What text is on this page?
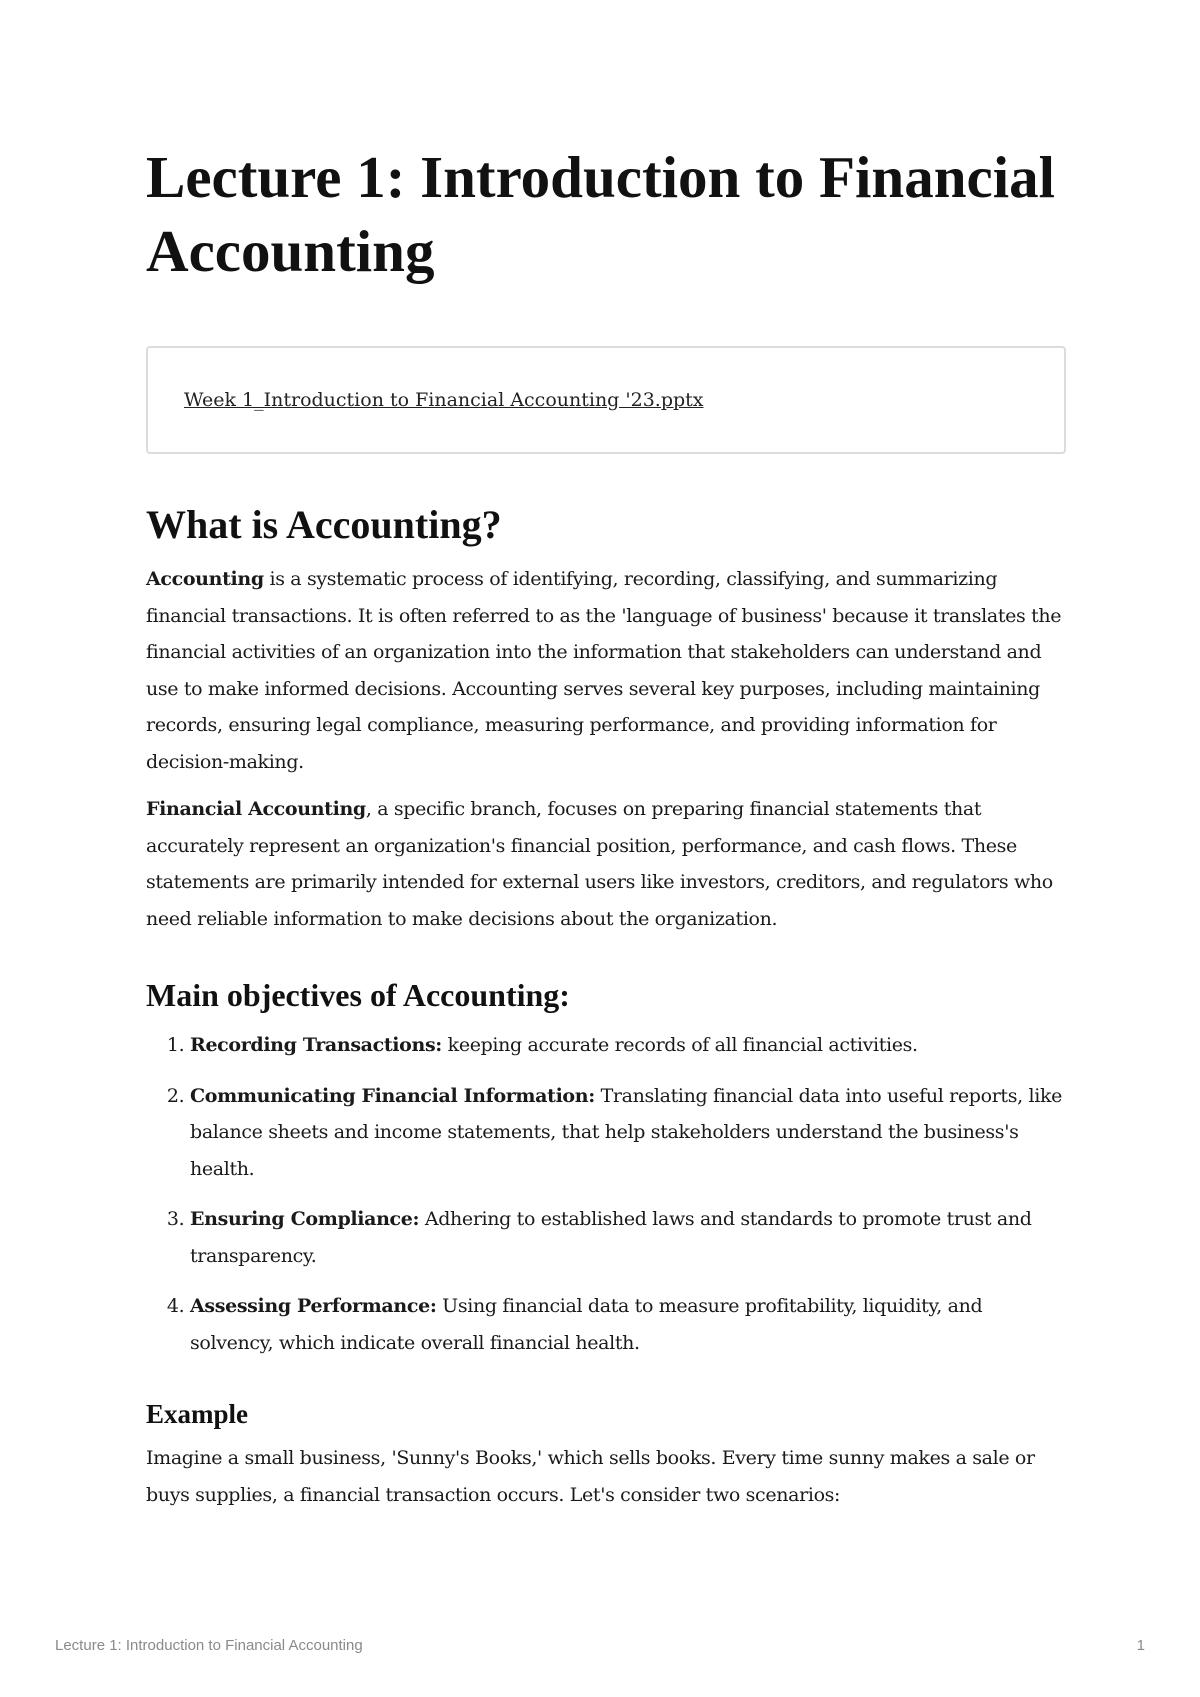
Lecture 1: Introduction to Financial Accounting
Week 1_Introduction to Financial Accounting '23.pptx
What is Accounting?

Accounting is a systematic process of identifying, recording, classifying, and summarizing financial transactions. It is often referred to as the 'language of business' because it translates the financial activities of an organization into the information that stakeholders can understand and use to make informed decisions. Accounting serves several key purposes, including maintaining records, ensuring legal compliance, measuring performance, and providing information for decision-making.

Financial Accounting, a specific branch, focuses on preparing financial statements that accurately represent an organization's financial position, performance, and cash flows. These statements are primarily intended for external users like investors, creditors, and regulators who need reliable information to make decisions about the organization.

Main objectives of Accounting:
1. Recording Transactions: keeping accurate records of all financial activities.
2. Communicating Financial Information: Translating financial data into useful reports, like balance sheets and income statements, that help stakeholders understand the business's health.
3. Ensuring Compliance: Adhering to established laws and standards to promote trust and transparency.
4. Assessing Performance: Using financial data to measure profitability, liquidity, and solvency, which indicate overall financial health.
Example

Imagine a small business, 'Sunny's Books,' which sells books. Every time sunny makes a sale or buys supplies, a financial transaction occurs. Let's consider two scenarios:

Lecture 1: Introduction to Financial Accounting	1
